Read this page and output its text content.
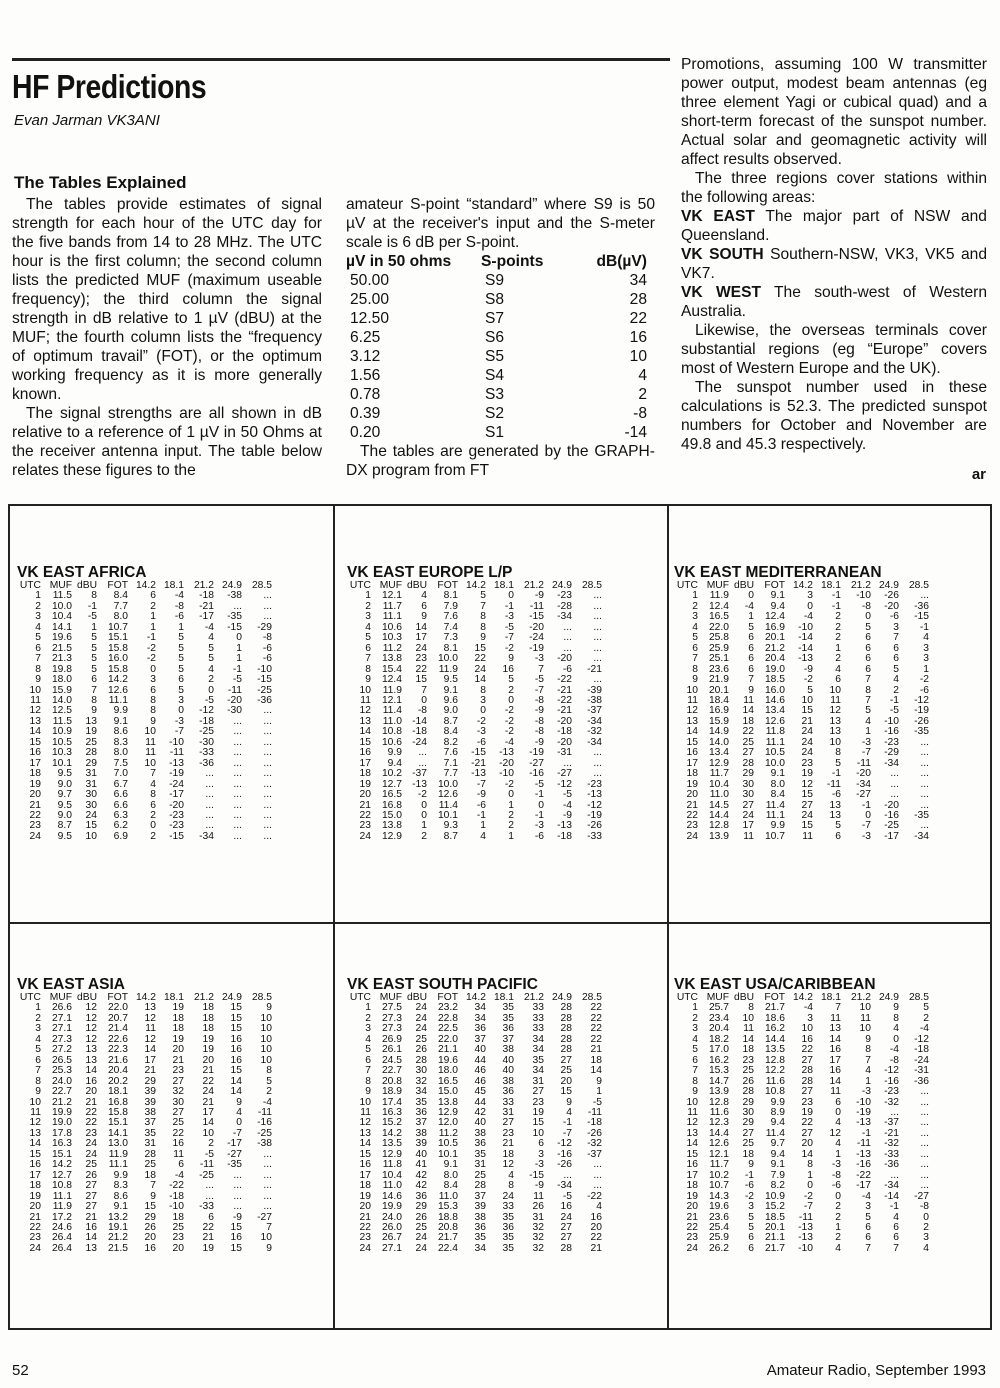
HF Predictions
Evan Jarman VK3ANI
The Tables Explained

The tables provide estimates of signal strength for each hour of the UTC day for the five bands from 14 to 28 MHz. The UTC hour is the first column; the second column lists the predicted MUF (maximum useable frequency); the third column the signal strength in dB relative to 1 µV (dBU) at the MUF; the fourth column lists the “frequency of optimum travail” (FOT), or the optimum working frequency as it is more generally known.

The signal strengths are all shown in dB relative to a reference of 1 µV in 50 Ohms at the receiver antenna input. The table below relates these figures to the

amateur S-point “standard” where S9 is 50 µV at the receiver's input and the S-meter scale is 6 dB per S-point.

µV in 50 ohms	S-points	dB(µV)
50.00	S9	34
25.00	S8	28
12.50	S7	22
6.25	S6	16
3.12	S5	10
1.56	S4	4
0.78	S3	2
0.39	S2	-8
0.20	S1	-14

The tables are generated by the GRAPH-DX program from FT

Promotions, assuming 100 W transmitter power output, modest beam antennas (eg three element Yagi or cubical quad) and a short-term forecast of the sunspot number. Actual solar and geomagnetic activity will affect results observed.

The three regions cover stations within the following areas:

VK EAST The major part of NSW and Queensland.

VK SOUTH Southern-NSW, VK3, VK5 and VK7.

VK WEST The south-west of Western Australia.

Likewise, the overseas terminals cover substantial regions (eg “Europe” covers most of Western Europe and the UK).

The sunspot number used in these calculations is 52.3. The predicted sunspot numbers for October and November are 49.8 and 45.3 respectively.

ar
VK EAST AFRICA
UTC	MUF	dBU	FOT	14.2	18.1	21.2	24.9	28.5
1	11.5	8	8.4	6	-4	-18	-38	...
2	10.0	-1	7.7	2	-8	-21	...	...
3	10.4	-5	8.0	1	-6	-17	-35	...
4	14.1	1	10.7	1	1	-4	-15	-29
5	19.6	5	15.1	-1	5	4	0	-8
6	21.5	5	15.8	-2	5	5	1	-6
7	21.3	5	16.0	-2	5	5	1	-6
8	19.8	5	15.8	0	5	4	-1	-10
9	18.0	6	14.2	3	6	2	-5	-15
10	15.9	7	12.6	6	5	0	-11	-25
11	14.0	8	11.1	8	3	-5	-20	-36
12	12.5	9	9.9	8	0	-12	-30	...
13	11.5	13	9.1	9	-3	-18	...	...
14	10.9	19	8.6	10	-7	-25	...	...
15	10.5	25	8.3	11	-10	-30	...	...
16	10.3	28	8.0	11	-11	-33	...	...
17	10.1	29	7.5	10	-13	-36	...	...
18	9.5	31	7.0	7	-19	...	...	...
19	9.0	31	6.7	4	-24	...	...	...
20	9.7	30	6.6	8	-17	...	...	...
21	9.5	30	6.6	6	-20	...	...	...
22	9.0	24	6.3	2	-23	...	...	...
23	8.7	15	6.2	0	-23	...	...	...
24	9.5	10	6.9	2	-15	-34	...	...
VK EAST EUROPE L/P
UTC	MUF	dBU	FOT	14.2	18.1	21.2	24.9	28.5
1	12.1	4	8.1	5	0	-9	-23	...
2	11.7	6	7.9	7	-1	-11	-28	...
3	11.1	9	7.6	8	-3	-15	-34	...
4	10.6	14	7.4	8	-5	-20	...	...
5	10.3	17	7.3	9	-7	-24	...	...
6	11.2	24	8.1	15	-2	-19	...	...
7	13.8	23	10.0	22	9	-3	-20	...
8	15.4	22	11.9	24	16	7	-6	-21
9	12.4	15	9.5	14	5	-5	-22	...
10	11.9	7	9.1	8	2	-7	-21	-39
11	12.1	0	9.6	3	0	-8	-22	-38
12	11.4	-8	9.0	0	-2	-9	-21	-37
13	11.0	-14	8.7	-2	-2	-8	-20	-34
14	10.8	-18	8.4	-3	-2	-8	-18	-32
15	10.6	-24	8.2	-6	-4	-9	-20	-34
16	9.9	...	7.6	-15	-13	-19	-31	...
17	9.4	...	7.1	-21	-20	-27	...	...
18	10.2	-37	7.7	-13	-10	-16	-27	...
19	12.7	-13	10.0	-7	-2	-5	-12	-23
20	16.5	-2	12.6	-9	0	-1	-5	-13
21	16.8	0	11.4	-6	1	0	-4	-12
22	15.0	0	10.1	-1	2	-1	-9	-19
23	13.8	1	9.3	1	2	-3	-13	-26
24	12.9	2	8.7	4	1	-6	-18	-33
VK EAST MEDITERRANEAN
UTC	MUF	dBU	FOT	14.2	18.1	21.2	24.9	28.5
1	11.9	0	9.1	3	-1	-10	-26	...
2	12.4	-4	9.4	0	-1	-8	-20	-36
3	16.5	1	12.4	-4	2	0	-6	-15
4	22.0	5	16.9	-10	2	5	3	-1
5	25.8	6	20.1	-14	2	6	7	4
6	25.9	6	21.2	-14	1	6	6	3
7	25.1	6	20.4	-13	2	6	6	3
8	23.6	6	19.0	-9	4	6	5	1
9	21.9	7	18.5	-2	6	7	4	-2
10	20.1	9	16.0	5	10	8	2	-6
11	18.4	11	14.6	10	11	7	-1	-12
12	16.9	14	13.4	15	12	5	-5	-19
13	15.9	18	12.6	21	13	4	-10	-26
14	14.9	22	11.8	24	13	1	-16	-35
15	14.0	25	11.1	24	10	-3	-23	...
16	13.4	27	10.5	24	8	-7	-29	...
17	12.9	28	10.0	23	5	-11	-34	...
18	11.7	29	9.1	19	-1	-20	...	...
19	10.4	30	8.0	12	-11	-34	...	...
20	11.0	30	8.4	15	-6	-27	...	...
21	14.5	27	11.4	27	13	-1	-20	...
22	14.4	24	11.1	24	13	0	-16	-35
23	12.8	17	9.9	15	5	-7	-25	...
24	13.9	11	10.7	11	6	-3	-17	-34
VK EAST ASIA
UTC	MUF	dBU	FOT	14.2	18.1	21.2	24.9	28.5
1	26.6	12	22.0	13	19	18	15	9
2	27.1	12	20.7	12	18	18	15	10
3	27.1	12	21.4	11	18	18	15	10
4	27.3	12	22.6	12	19	19	16	10
5	27.2	13	22.3	14	20	19	16	10
6	26.5	13	21.6	17	21	20	16	10
7	25.3	14	20.4	21	23	21	15	8
8	24.0	16	20.2	29	27	22	14	5
9	22.7	20	18.1	39	32	24	14	2
10	21.2	21	16.8	39	30	21	9	-4
11	19.9	22	15.8	38	27	17	4	-11
12	19.0	22	15.1	37	25	14	0	-16
13	17.8	23	14.1	35	22	10	-7	-25
14	16.3	24	13.0	31	16	2	-17	-38
15	15.1	24	11.9	28	11	-5	-27	...
16	14.2	25	11.1	25	6	-11	-35	...
17	12.7	26	9.9	18	-4	-25	...	...
18	10.8	27	8.3	7	-22	...	...	...
19	11.1	27	8.6	9	-18	...	...	...
20	11.9	27	9.1	15	-10	-33	...	...
21	17.2	21	13.2	29	18	6	-9	-27
22	24.6	16	19.1	26	25	22	15	7
23	26.4	14	21.2	20	23	21	16	10
24	26.4	13	21.5	16	20	19	15	9
VK EAST SOUTH PACIFIC
UTC	MUF	dBU	FOT	14.2	18.1	21.2	24.9	28.5
1	27.5	24	23.2	34	35	33	28	22
2	27.3	24	22.8	34	35	33	28	22
3	27.3	24	22.5	36	36	33	28	22
4	26.9	25	22.0	37	37	34	28	22
5	26.1	26	21.1	40	38	34	28	21
6	24.5	28	19.6	44	40	35	27	18
7	22.7	30	18.0	46	40	34	25	14
8	20.8	32	16.5	46	38	31	20	9
9	18.9	34	15.0	45	36	27	15	1
10	17.4	35	13.8	44	33	23	9	-5
11	16.3	36	12.9	42	31	19	4	-11
12	15.2	37	12.0	40	27	15	-1	-18
13	14.2	38	11.2	38	23	10	-7	-26
14	13.5	39	10.5	36	21	6	-12	-32
15	12.9	40	10.1	35	18	3	-16	-37
16	11.8	41	9.1	31	12	-3	-26	...
17	10.4	42	8.0	25	4	-15	...	...
18	11.0	42	8.4	28	8	-9	-34	...
19	14.6	36	11.0	37	24	11	-5	-22
20	19.9	29	15.3	39	33	26	16	4
21	24.0	26	18.8	38	35	31	24	16
22	26.0	25	20.8	36	36	32	27	20
23	26.7	24	21.7	35	35	32	27	22
24	27.1	24	22.4	34	35	32	28	21
VK EAST USA/CARIBBEAN
UTC	MUF	dBU	FOT	14.2	18.1	21.2	24.9	28.5
1	25.7	8	21.7	-4	7	10	9	5
2	23.4	10	18.6	3	11	11	8	2
3	20.4	11	16.2	10	13	10	4	-4
4	18.2	14	14.4	16	14	9	0	-12
5	17.0	18	13.5	22	16	8	-4	-18
6	16.2	23	12.8	27	17	7	-8	-24
7	15.3	25	12.2	28	16	4	-12	-31
8	14.7	26	11.6	28	14	1	-16	-36
9	13.9	28	10.8	27	11	-3	-23	...
10	12.8	29	9.9	23	6	-10	-32	...
11	11.6	30	8.9	19	0	-19	...	...
12	12.3	29	9.4	22	4	-13	-37	...
13	14.4	27	11.4	27	12	-1	-21	...
14	12.6	25	9.7	20	4	-11	-32	...
15	12.1	18	9.4	14	1	-13	-33	...
16	11.7	9	9.1	8	-3	-16	-36	...
17	10.2	-1	7.9	1	-8	-22	...	...
18	10.7	-6	8.2	0	-6	-17	-34	...
19	14.3	-2	10.9	-2	0	-4	-14	-27
20	19.6	3	15.2	-7	2	3	-1	-8
21	23.6	5	18.5	-11	2	5	4	0
22	25.4	5	20.1	-13	1	6	6	2
23	25.9	6	21.1	-13	2	6	6	3
24	26.2	6	21.7	-10	4	7	7	4
52	Amateur Radio, September 1993
